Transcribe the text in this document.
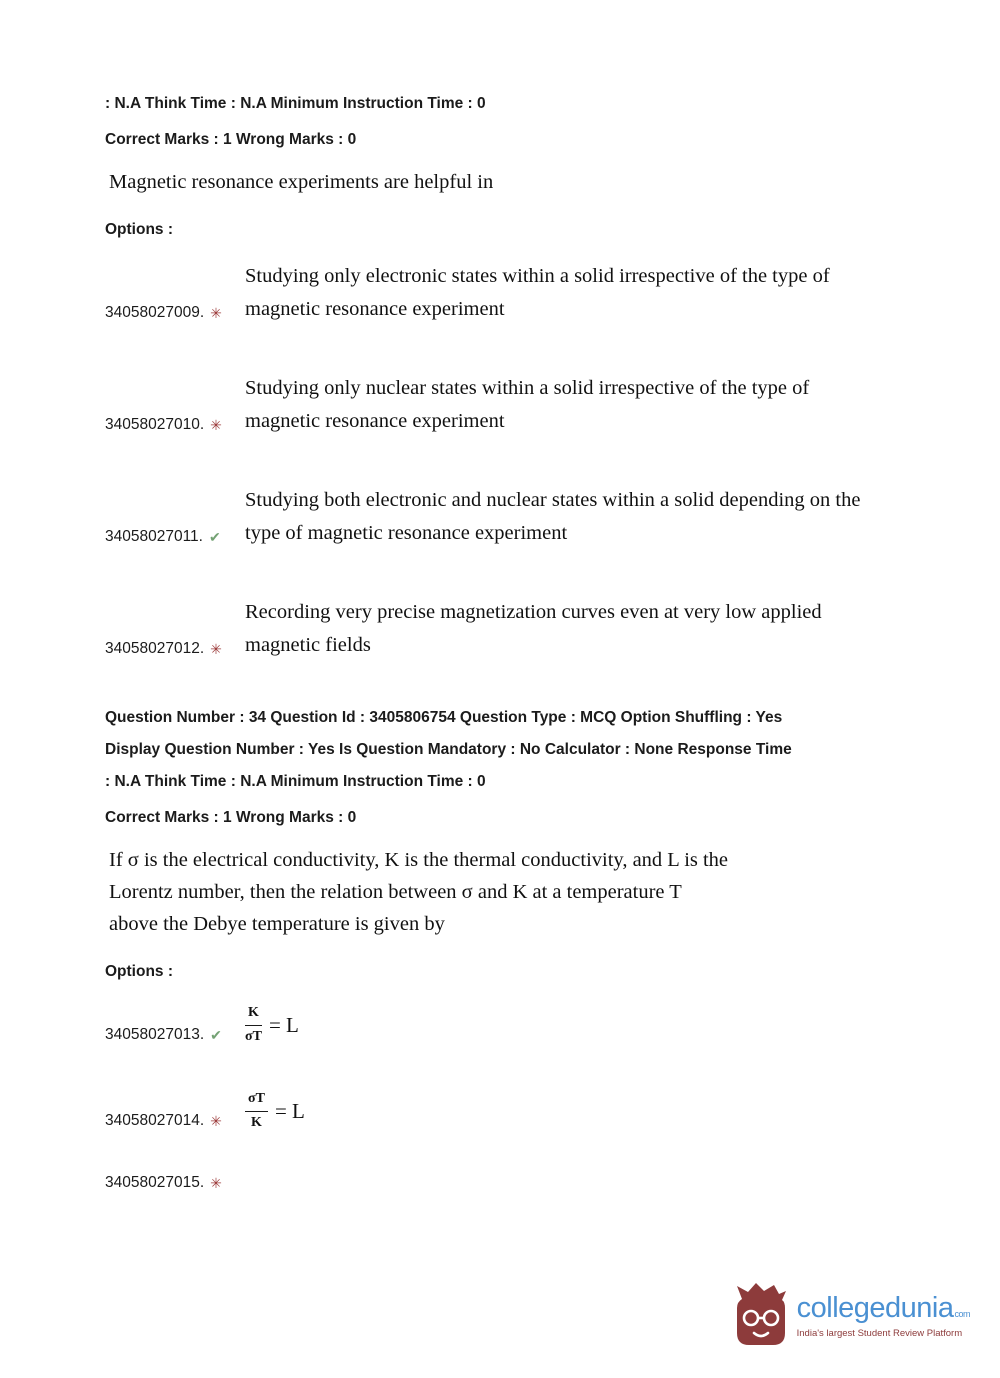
: N.A Think Time : N.A Minimum Instruction Time : 0

Correct Marks : 1 Wrong Marks : 0

Magnetic resonance experiments are helpful in

Options :

34058027009. ✳
Studying only electronic states within a solid irrespective of the type of magnetic resonance experiment
34058027010. ✳
Studying only nuclear states within a solid irrespective of the type of magnetic resonance experiment
34058027011. ✔
Studying both electronic and nuclear states within a solid depending on the type of magnetic resonance experiment
34058027012. ✳
Recording very precise magnetization curves even at very low applied magnetic fields

Question Number : 34 Question Id : 3405806754 Question Type : MCQ Option Shuffling : Yes

Display Question Number : Yes Is Question Mandatory : No Calculator : None Response Time

: N.A Think Time : N.A Minimum Instruction Time : 0

Correct Marks : 1 Wrong Marks : 0

If σ is the electrical conductivity, K is the thermal conductivity, and L is the Lorentz number, then the relation between σ and K at a temperature T above the Debye temperature is given by

Options :

34058027013. ✔ $\frac{K}{\sigma T} = L$
34058027014. ✳ $\frac{\sigma T}{K} = L$
34058027015. ✳
collegeduniacom
India's largest Student Review Platform
